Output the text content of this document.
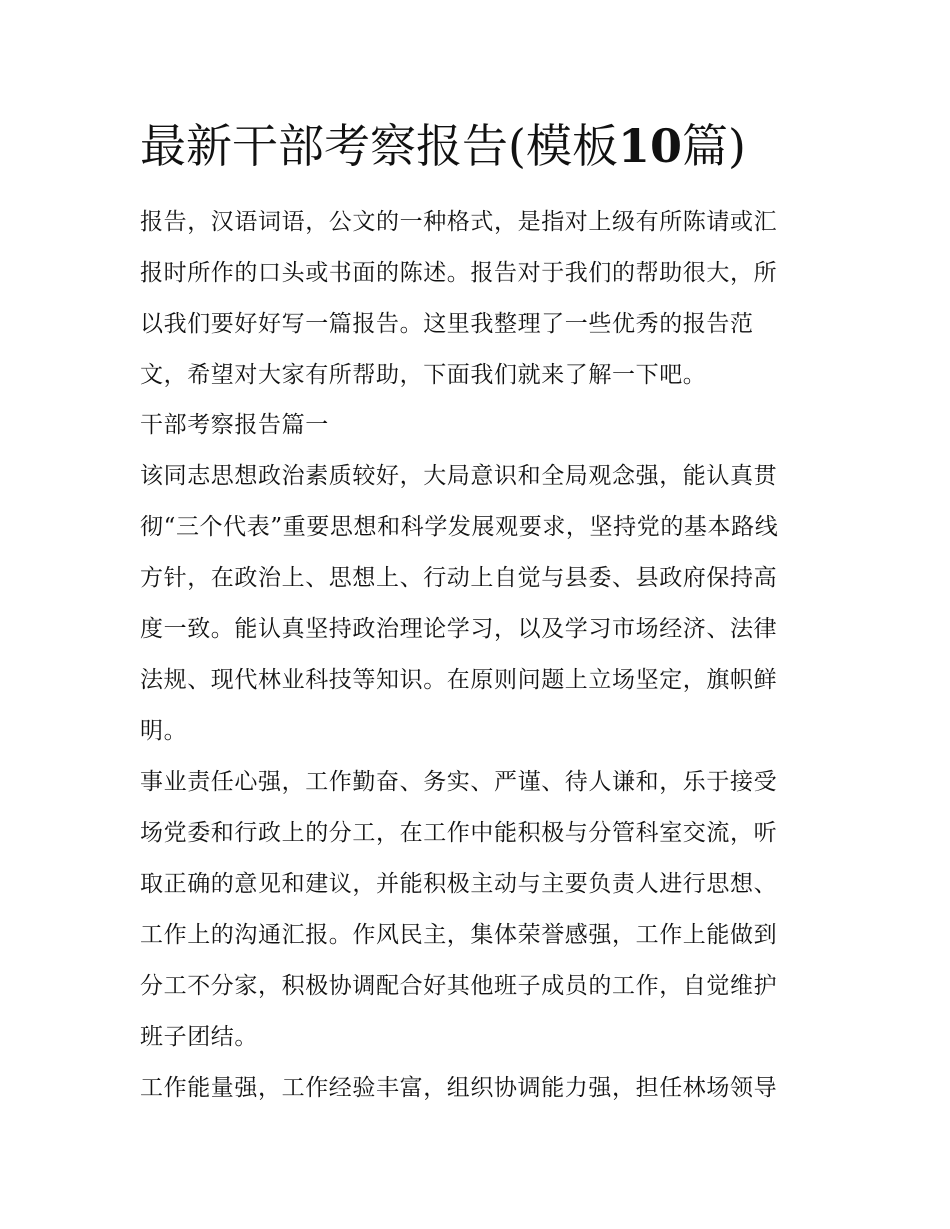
最新干部考察报告(模板10篇)

报告，汉语词语，公文的一种格式，是指对上级有所陈请或汇

报时所作的口头或书面的陈述。报告对于我们的帮助很大，所

以我们要好好写一篇报告。这里我整理了一些优秀的报告范

文，希望对大家有所帮助，下面我们就来了解一下吧。

干部考察报告篇一

该同志思想政治素质较好，大局意识和全局观念强，能认真贯

彻“三个代表”重要思想和科学发展观要求，坚持党的基本路线

方针，在政治上、思想上、行动上自觉与县委、县政府保持高

度一致。能认真坚持政治理论学习，以及学习市场经济、法律

法规、现代林业科技等知识。在原则问题上立场坚定，旗帜鲜

明。

事业责任心强，工作勤奋、务实、严谨、待人谦和，乐于接受

场党委和行政上的分工，在工作中能积极与分管科室交流，听

取正确的意见和建议，并能积极主动与主要负责人进行思想、

工作上的沟通汇报。作风民主，集体荣誉感强，工作上能做到

分工不分家，积极协调配合好其他班子成员的工作，自觉维护

班子团结。

工作能量强，工作经验丰富，组织协调能力强，担任林场领导
